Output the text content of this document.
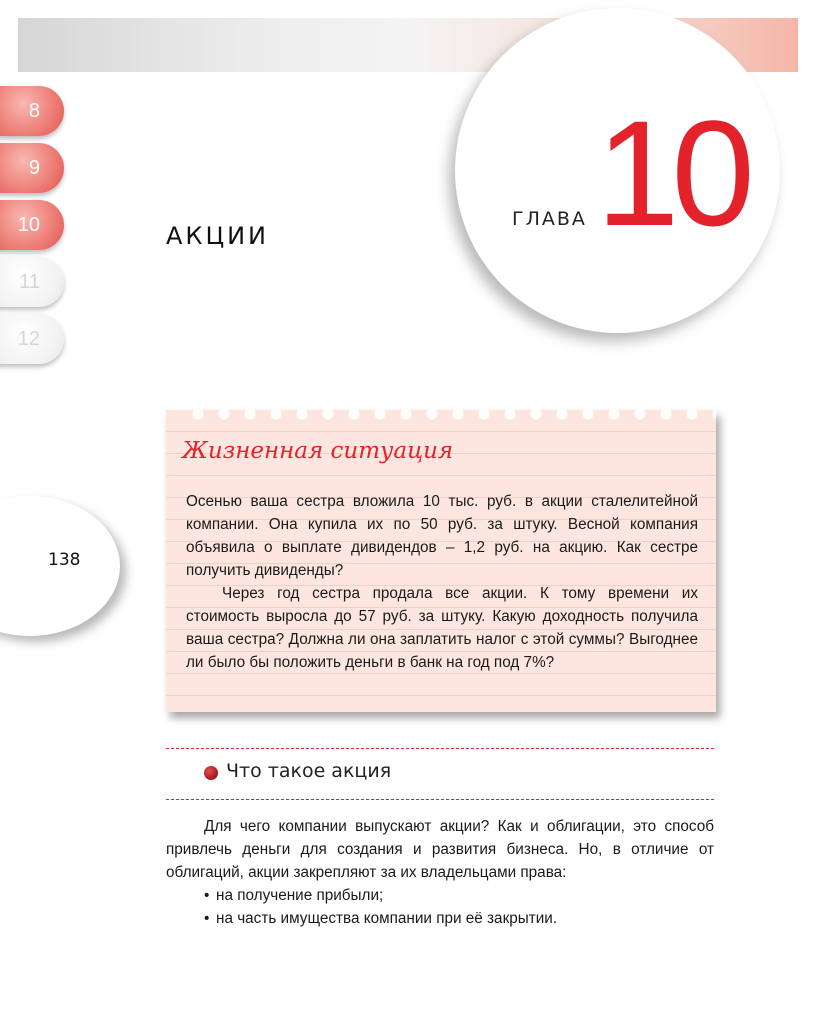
ГЛАВА 10
АКЦИИ
8
9
10
11
12
138
Жизненная ситуация

Осенью ваша сестра вложила 10 тыс. руб. в акции сталелитейной компании. Она купила их по 50 руб. за штуку. Весной компания объявила о выплате дивидендов – 1,2 руб. на акцию. Как сестре получить дивиденды?

Через год сестра продала все акции. К тому времени их стоимость выросла до 57 руб. за штуку. Какую доходность получила ваша сестра? Должна ли она заплатить налог с этой суммы? Выгоднее ли было бы положить деньги в банк на год под 7%?

Что такое акция

Для чего компании выпускают акции? Как и облигации, это способ привлечь деньги для создания и развития бизнеса. Но, в отличие от облигаций, акции закрепляют за их владельцами права:

• на получение прибыли;
• на часть имущества компании при её закрытии.
